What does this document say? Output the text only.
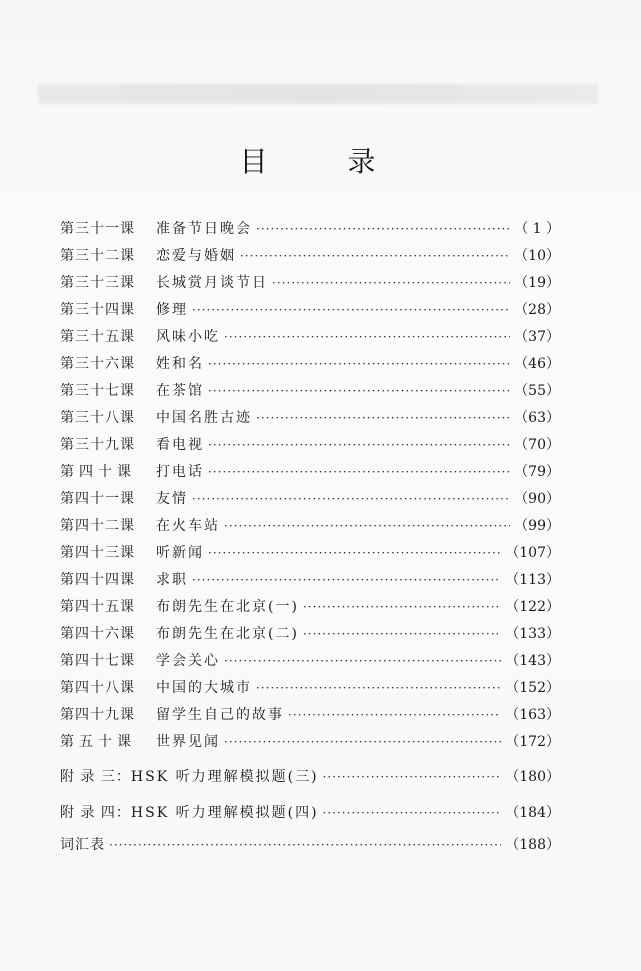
目　录
第三十一课	准备节日晚会 ·····	（ 1 ）
第三十二课	恋爱与婚姻 ·····	（10）
第三十三课	长城赏月谈节日 ·····	（19）
第三十四课	修理 ·····	（28）
第三十五课	风味小吃 ·····	（37）
第三十六课	姓和名 ·····	（46）
第三十七课	在茶馆 ·····	（55）
第三十八课	中国名胜古迹 ·····	（63）
第三十九课	看电视 ·····	（70）
第四十课	打电话 ·····	（79）
第四十一课	友情 ·····	（90）
第四十二课	在火车站 ·····	（99）
第四十三课	听新闻 ·····	（107）
第四十四课	求职 ·····	（113）
第四十五课	布朗先生在北京(一) ·····	（122）
第四十六课	布朗先生在北京(二) ·····	（133）
第四十七课	学会关心 ·····	（143）
第四十八课	中国的大城市 ·····	（152）
第四十九课	留学生自己的故事 ·····	（163）
第五十课	世界见闻 ·····	（172）
附 录 三： HSK 听力理解模拟题(三) ·····	（180）
附 录 四： HSK 听力理解模拟题(四) ·····	（184）
词汇表 ·····	（188）
